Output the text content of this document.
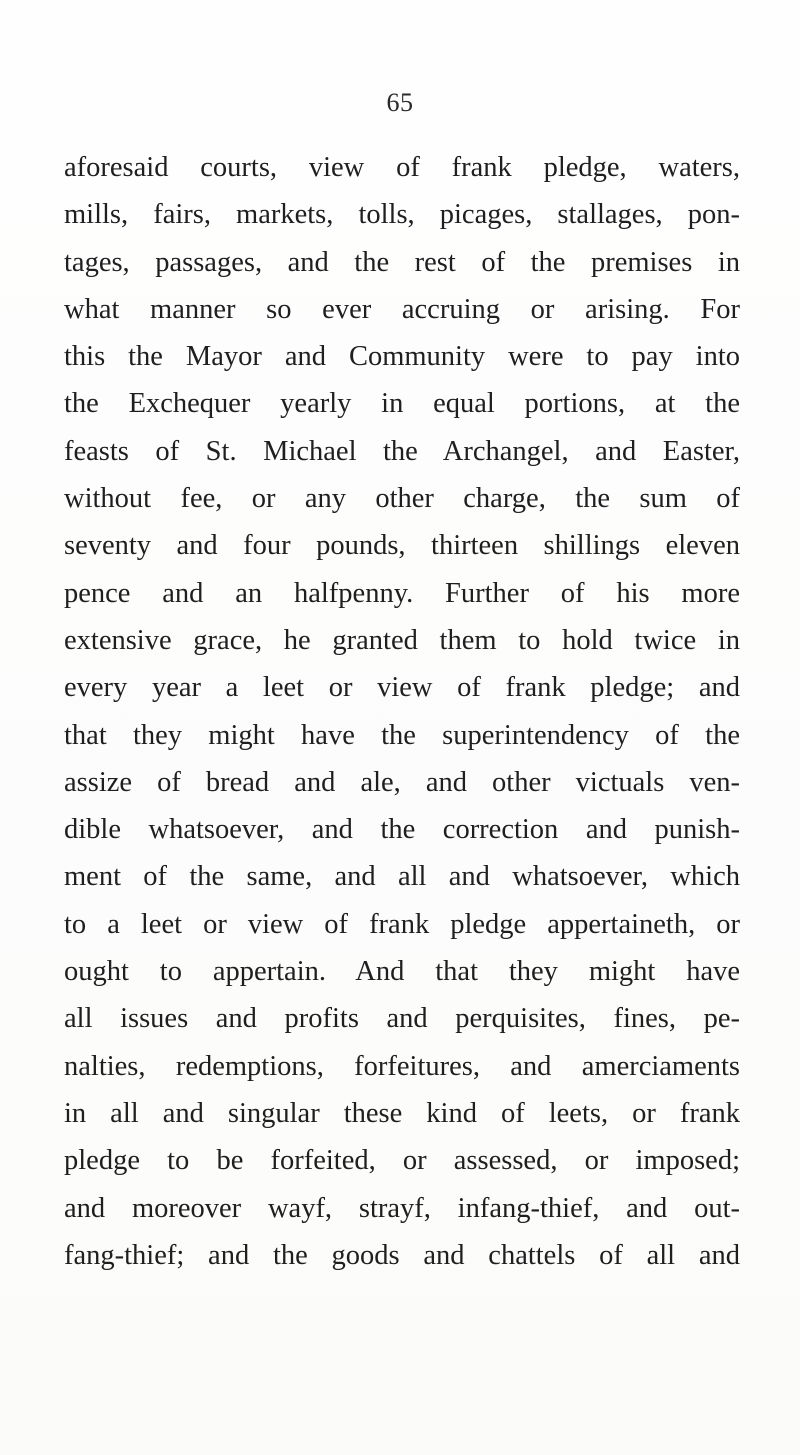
65
aforesaid courts, view of frank pledge, waters,
mills, fairs, markets, tolls, picages, stallages, pon-
tages, passages, and the rest of the premises in
what manner so ever accruing or arising. For
this the Mayor and Community were to pay into
the Exchequer yearly in equal portions, at the
feasts of St. Michael the Archangel, and Easter,
without fee, or any other charge, the sum of
seventy and four pounds, thirteen shillings eleven
pence and an halfpenny. Further of his more
extensive grace, he granted them to hold twice in
every year a leet or view of frank pledge; and
that they might have the superintendency of the
assize of bread and ale, and other victuals ven-
dible whatsoever, and the correction and punish-
ment of the same, and all and whatsoever, which
to a leet or view of frank pledge appertaineth, or
ought to appertain. And that they might have
all issues and profits and perquisites, fines, pe-
nalties, redemptions, forfeitures, and amerciaments
in all and singular these kind of leets, or frank
pledge to be forfeited, or assessed, or imposed;
and moreover wayf, strayf, infang-thief, and out-
fang-thief; and the goods and chattels of all and
